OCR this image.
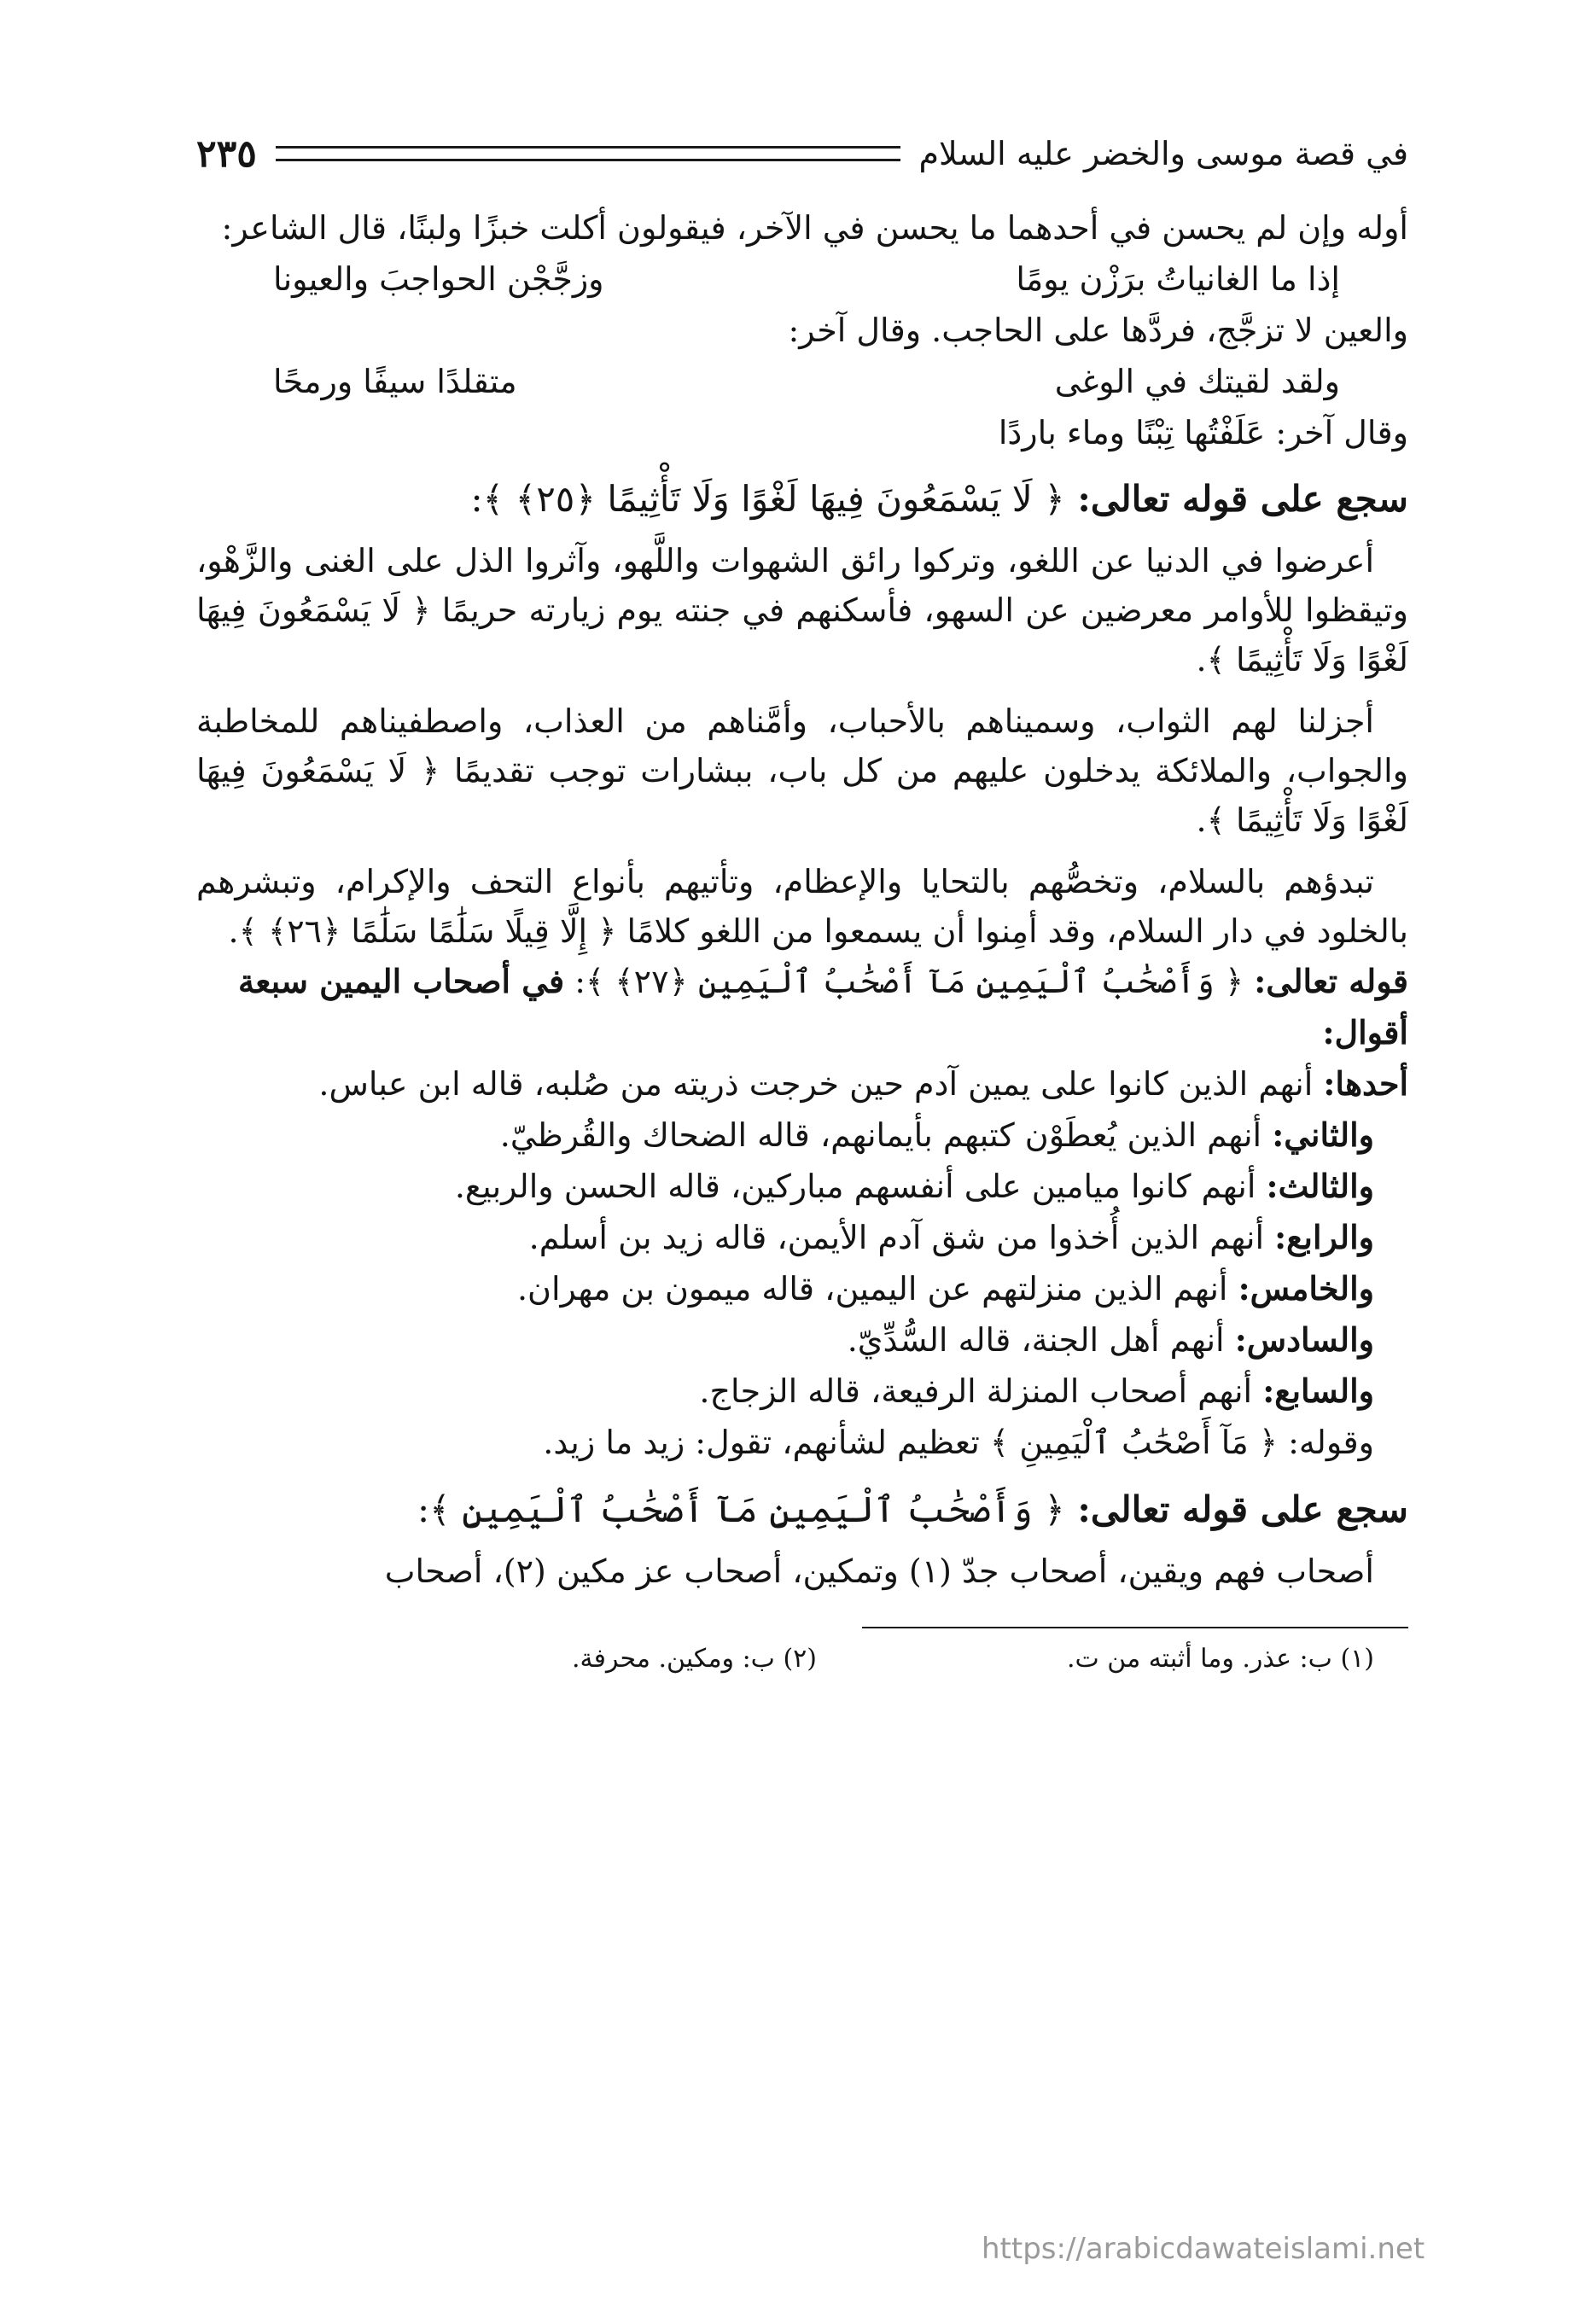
في قصة موسى والخضر عليه السلام
٢٣٥

أوله وإن لم يحسن في أحدهما ما يحسن في الآخر، فيقولون أكلت خبزًا ولبنًا، قال الشاعر:

إذا ما الغانياتُ برَزْن يومًا
وزجَّجْن الحواجبَ والعيونا

والعين لا تزجَّج، فردَّها على الحاجب. وقال آخر:

ولقد لقيتك في الوغى
متقلدًا سيفًا ورمحًا

وقال آخر: عَلَفْتُها تِبْنًا وماء باردًا

سجع على قوله تعالى: ﴿ لَا يَسْمَعُونَ فِيهَا لَغْوًا وَلَا تَأْثِيمًا ﴿٢٥﴾ ﴾:

أعرضوا في الدنيا عن اللغو، وتركوا رائق الشهوات واللَّهو، وآثروا الذل على الغنى والزَّهْو، وتيقظوا للأوامر معرضين عن السهو، فأسكنهم في جنته يوم زيارته حريمًا ﴿ لَا يَسْمَعُونَ فِيهَا لَغْوًا وَلَا تَأْثِيمًا ﴾.

أجزلنا لهم الثواب، وسميناهم بالأحباب، وأمَّناهم من العذاب، واصطفيناهم للمخاطبة والجواب، والملائكة يدخلون عليهم من كل باب، ببشارات توجب تقديمًا ﴿ لَا يَسْمَعُونَ فِيهَا لَغْوًا وَلَا تَأْثِيمًا ﴾.

تبدؤهم بالسلام، وتخصُّهم بالتحايا والإعظام، وتأتيهم بأنواع التحف والإكرام، وتبشرهم بالخلود في دار السلام، وقد أمِنوا أن يسمعوا من اللغو كلامًا ﴿ إِلَّا قِيلًا سَلَٰمًا سَلَٰمًا ﴿٢٦﴾ ﴾.

قوله تعالى: ﴿ وَأَصْحَٰبُ ٱلْيَمِينِ مَآ أَصْحَٰبُ ٱلْيَمِينِ ﴿٢٧﴾ ﴾: في أصحاب اليمين سبعة أقوال:

أحدها: أنهم الذين كانوا على يمين آدم حين خرجت ذريته من صُلبه، قاله ابن عباس.

والثاني: أنهم الذين يُعطَوْن كتبهم بأيمانهم، قاله الضحاك والقُرظيّ.

والثالث: أنهم كانوا ميامين على أنفسهم مباركين، قاله الحسن والربيع.

والرابع: أنهم الذين أُخذوا من شق آدم الأيمن، قاله زيد بن أسلم.

والخامس: أنهم الذين منزلتهم عن اليمين، قاله ميمون بن مهران.

والسادس: أنهم أهل الجنة، قاله السُّدِّيّ.

والسابع: أنهم أصحاب المنزلة الرفيعة، قاله الزجاج.

وقوله: ﴿ مَآ أَصْحَٰبُ ٱلْيَمِينِ ﴾ تعظيم لشأنهم، تقول: زيد ما زيد.

سجع على قوله تعالى: ﴿ وَأَصْحَٰبُ ٱلْيَمِينِ مَآ أَصْحَٰبُ ٱلْيَمِينِ ﴾:

أصحاب فهم ويقين، أصحاب جدّ (١) وتمكين، أصحاب عز مكين (٢)، أصحاب

(١) ب: عذر. وما أثبته من ت.
(٢) ب: ومكين. محرفة.
https://arabicdawateislami.net
